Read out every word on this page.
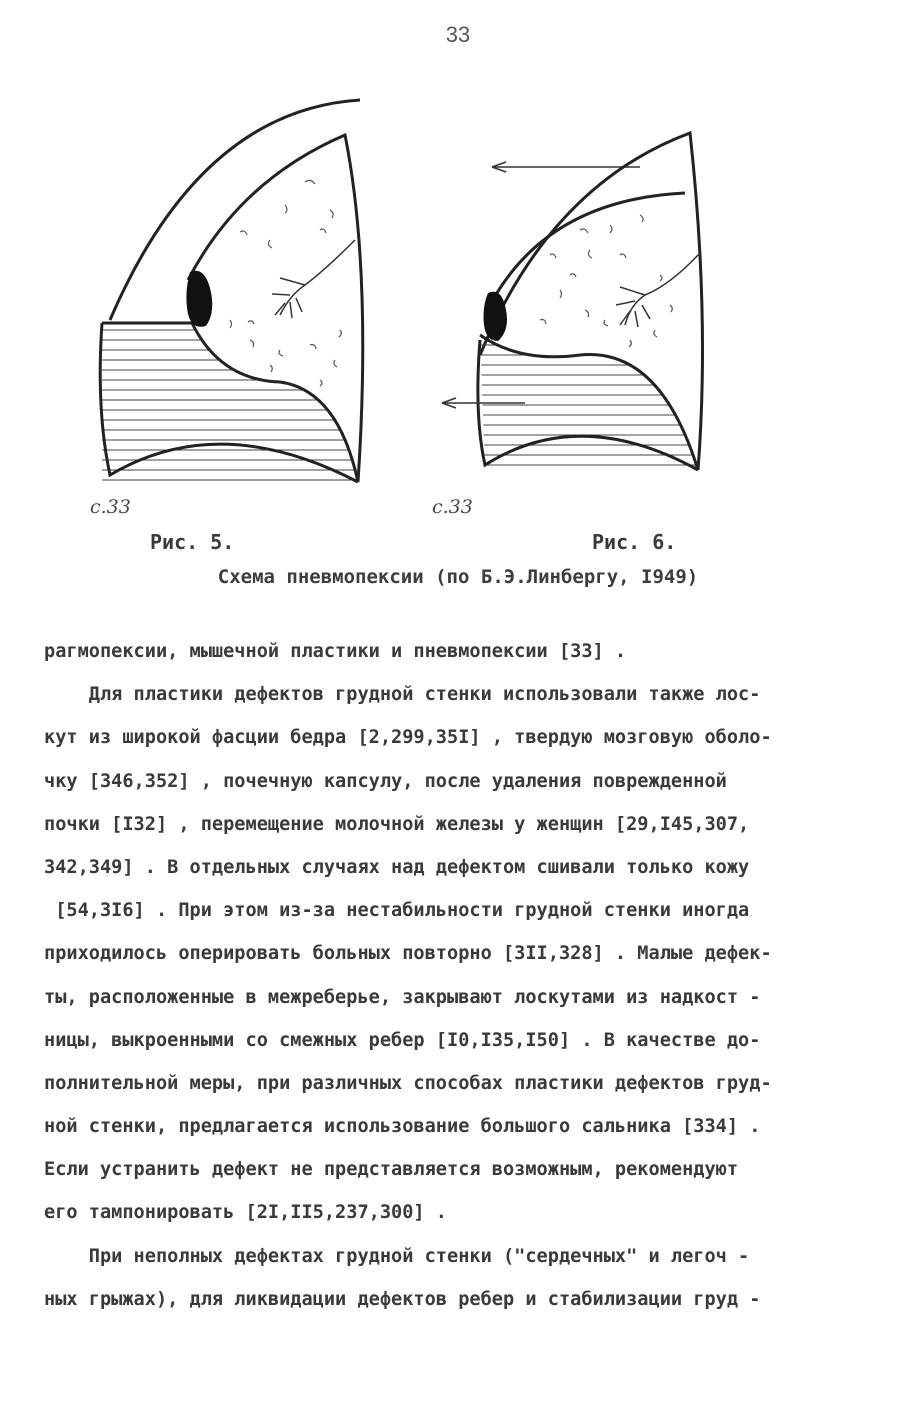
33
с.33	с.33
Рис. 5.	Рис. 6.
Схема пневмопексии (по Б.Э.Линбергу, I949)
рагмопексии, мышечной пластики и пневмопексии [33] .
Для пластики дефектов грудной стенки использовали также лос-
кут из широкой фасции бедра [2,299,35I] , твердую мозговую оболо-
чку [346,352] , почечную капсулу, после удаления поврежденной
почки [I32] , перемещение молочной железы у женщин [29,I45,307,
342,349] . В отдельных случаях над дефектом сшивали только кожу
[54,3I6] . При этом из-за нестабильности грудной стенки иногда
приходилось оперировать больных повторно [3II,328] . Малые дефек-
ты, расположенные в межреберье, закрывают лоскутами из надкост -
ницы, выкроенными со смежных ребер [I0,I35,I50] . В качестве до-
полнительной меры, при различных способах пластики дефектов груд-
ной стенки, предлагается использование большого сальника [334] .
Если устранить дефект не представляется возможным, рекомендуют
его тампонировать [2I,II5,237,300] .
При неполных дефектах грудной стенки ("сердечных" и легоч -
ных грыжах), для ликвидации дефектов ребер и стабилизации груд -
